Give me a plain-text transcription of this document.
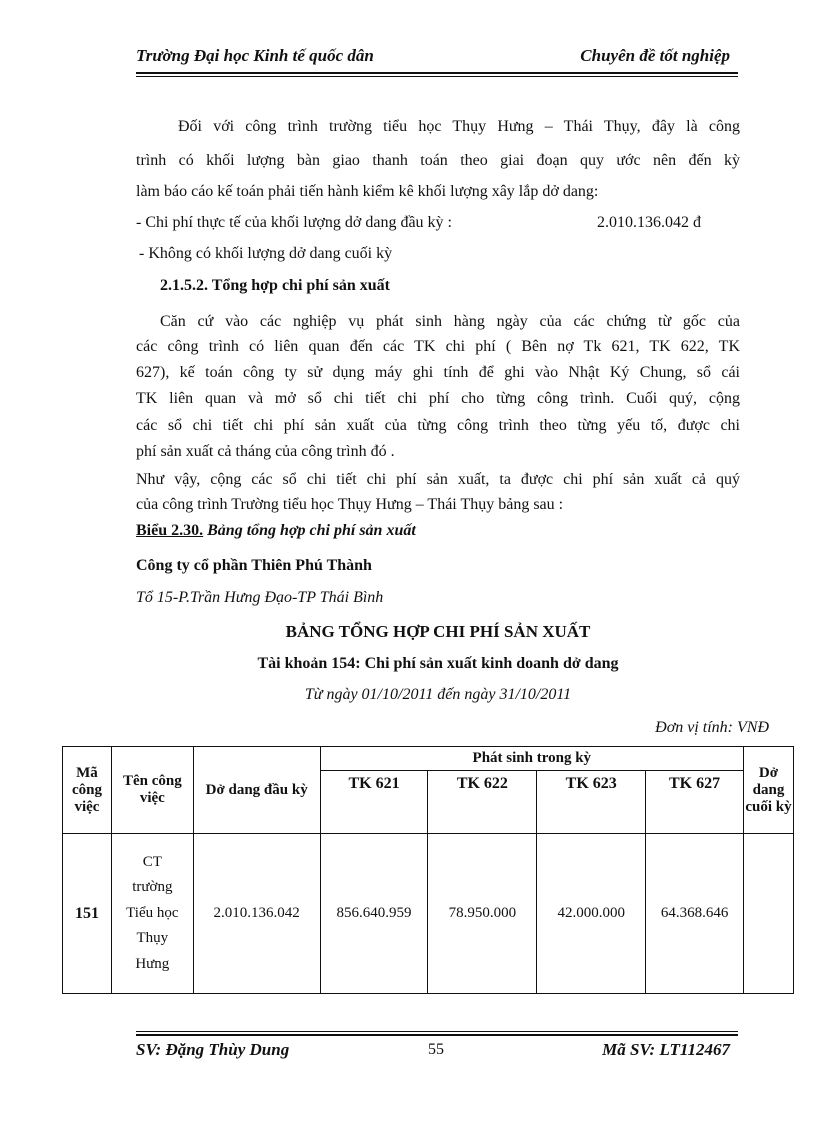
Trường Đại học Kinh tế quốc dân	Chuyên đề tốt nghiệp
Đối với công trình trường tiểu học Thụy Hưng – Thái Thụy, đây là công
trình có khối lượng bàn giao thanh toán theo giai đoạn quy ước nên đến kỳ
làm báo cáo kế toán phải tiến hành kiểm kê khối lượng xây lắp dở dang:
- Chi phí thực tế của khối lượng dở dang đầu kỳ :	2.010.136.042 đ
- Không có khối lượng dở dang cuối kỳ
2.1.5.2. Tổng hợp chi phí sản xuất
Căn cứ vào các nghiệp vụ phát sinh hàng ngày của các chứng từ gốc của
các công trình có liên quan đến các TK chi phí ( Bên nợ Tk 621, TK 622, TK
627), kế toán công ty sử dụng máy ghi tính để ghi vào Nhật Ký Chung, sổ cái
TK liên quan và mở sổ chi tiết chi phí cho từng công trình. Cuối quý, cộng
các sổ chi tiết chi phí sản xuất của từng công trình theo từng yếu tố, được chi
phí sản xuất cả tháng của công trình đó .
Như vậy, cộng các sổ chi tiết chi phí sản xuất, ta được chi phí sản xuất cả quý
của công trình Trường tiểu học Thụy Hưng – Thái Thụy bảng sau :
Biểu 2.30. Bảng tổng hợp chi phí sản xuất
Công ty cổ phần Thiên Phú Thành
Tổ 15-P.Trần Hưng Đạo-TP Thái Bình
BẢNG TỔNG HỢP CHI PHÍ SẢN XUẤT
Tài khoản 154: Chi phí sản xuất kinh doanh dở dang
Từ ngày 01/10/2011 đến ngày 31/10/2011
Đơn vị tính: VNĐ
Mã công việc	Tên công việc	Dở dang đầu kỳ	Phát sinh trong kỳ				Dở dang cuối kỳ
			TK 621	TK 622	TK 623	TK 627	
151	CT
trường
Tiểu học
Thụy
Hưng	2.010.136.042	856.640.959	78.950.000	42.000.000	64.368.646	
SV: Đặng Thùy Dung	55	Mã SV: LT112467
